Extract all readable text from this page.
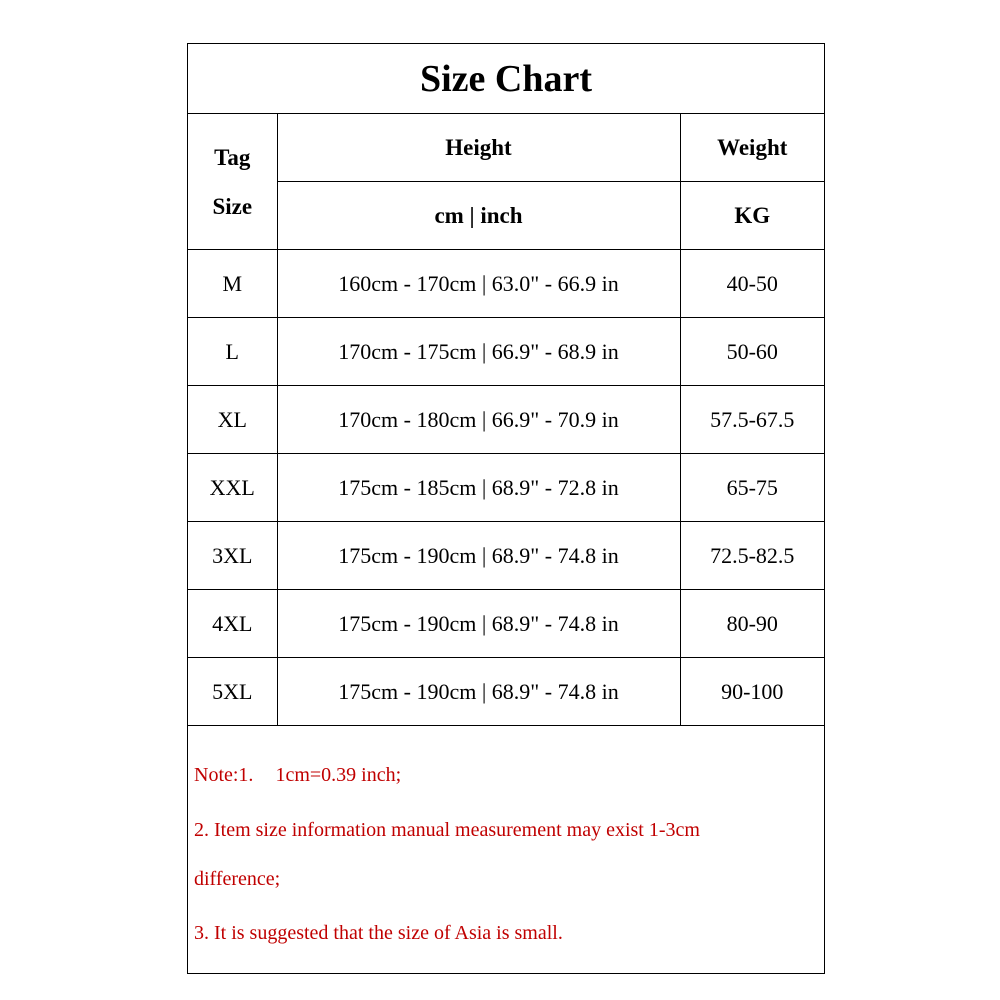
Size Chart
Tag
Size	Height	Weight
	cm | inch	KG
M	160cm - 170cm | 63.0" - 66.9 in	40-50
L	170cm - 175cm | 66.9" - 68.9 in	50-60
XL	170cm - 180cm | 66.9" - 70.9 in	57.5-67.5
XXL	175cm - 185cm | 68.9" - 72.8 in	65-75
3XL	175cm - 190cm | 68.9" - 74.8 in	72.5-82.5
4XL	175cm - 190cm | 68.9" - 74.8 in	80-90
5XL	175cm - 190cm | 68.9" - 74.8 in	90-100
Note:1. 1cm=0.39 inch;
2. Item size information manual measurement may exist 1-3cm
difference;
3. It is suggested that the size of Asia is small.
